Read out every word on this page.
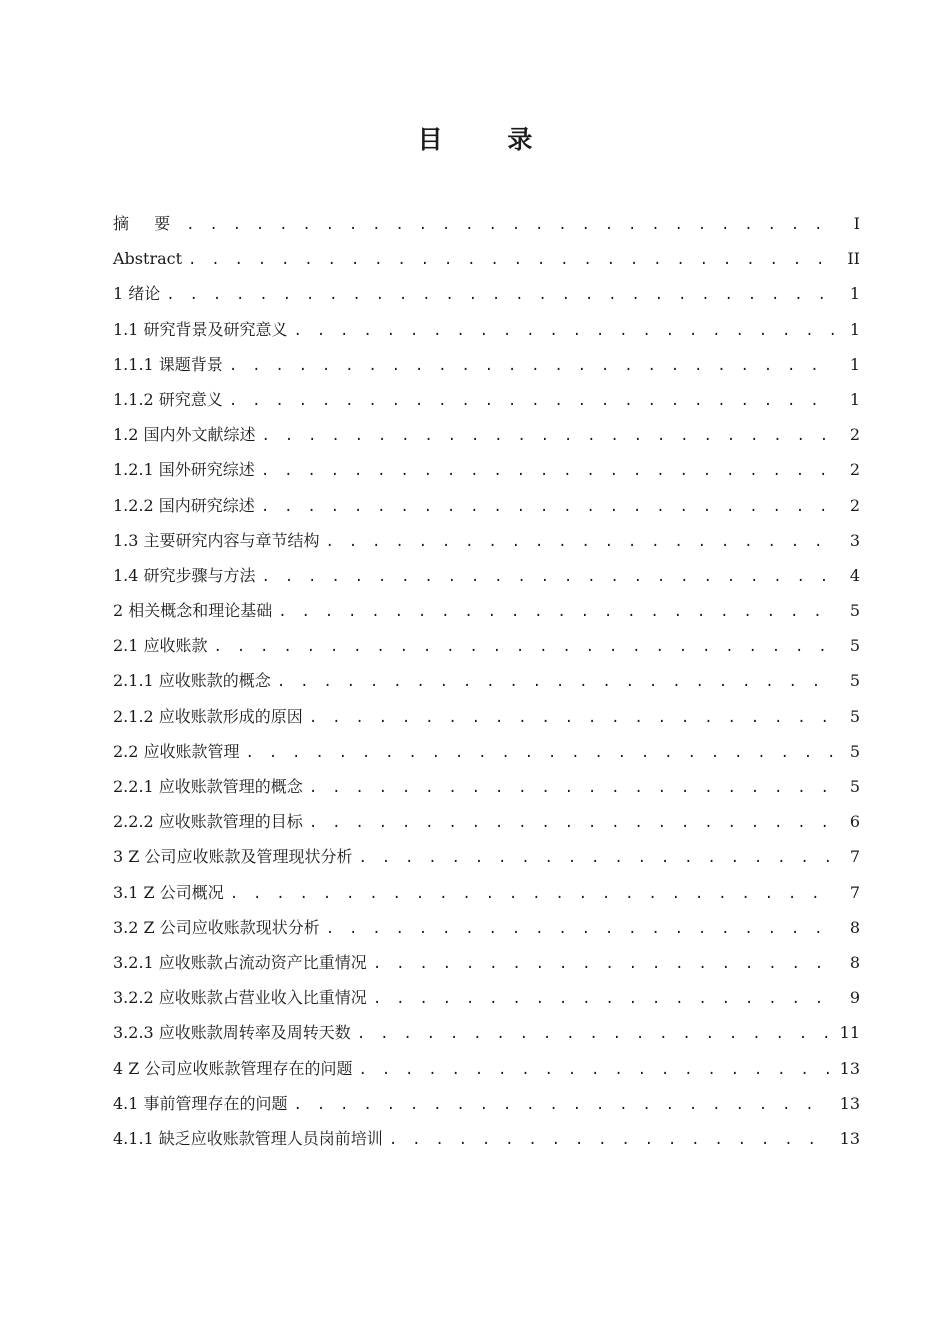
目 录
摘 要 . . .	I
Abstract . . .	II
1 绪论 . . .	1
1.1 研究背景及研究意义 . . .	1
1.1.1 课题背景 . . .	1
1.1.2 研究意义 . . .	1
1.2 国内外文献综述 . . .	2
1.2.1 国外研究综述 . . .	2
1.2.2 国内研究综述 . . .	2
1.3 主要研究内容与章节结构 . . .	3
1.4 研究步骤与方法 . . .	4
2 相关概念和理论基础 . . .	5
2.1 应收账款 . . .	5
2.1.1 应收账款的概念 . . .	5
2.1.2 应收账款形成的原因 . . .	5
2.2 应收账款管理 . . .	5
2.2.1 应收账款管理的概念 . . .	5
2.2.2 应收账款管理的目标 . . .	6
3 Z 公司应收账款及管理现状分析 . . .	7
3.1 Z 公司概况 . . .	7
3.2 Z 公司应收账款现状分析 . . .	8
3.2.1 应收账款占流动资产比重情况 . . .	8
3.2.2 应收账款占营业收入比重情况 . . .	9
3.2.3 应收账款周转率及周转天数 . . .	11
4 Z 公司应收账款管理存在的问题 . . .	13
4.1 事前管理存在的问题 . . .	13
4.1.1 缺乏应收账款管理人员岗前培训 . . .	13
